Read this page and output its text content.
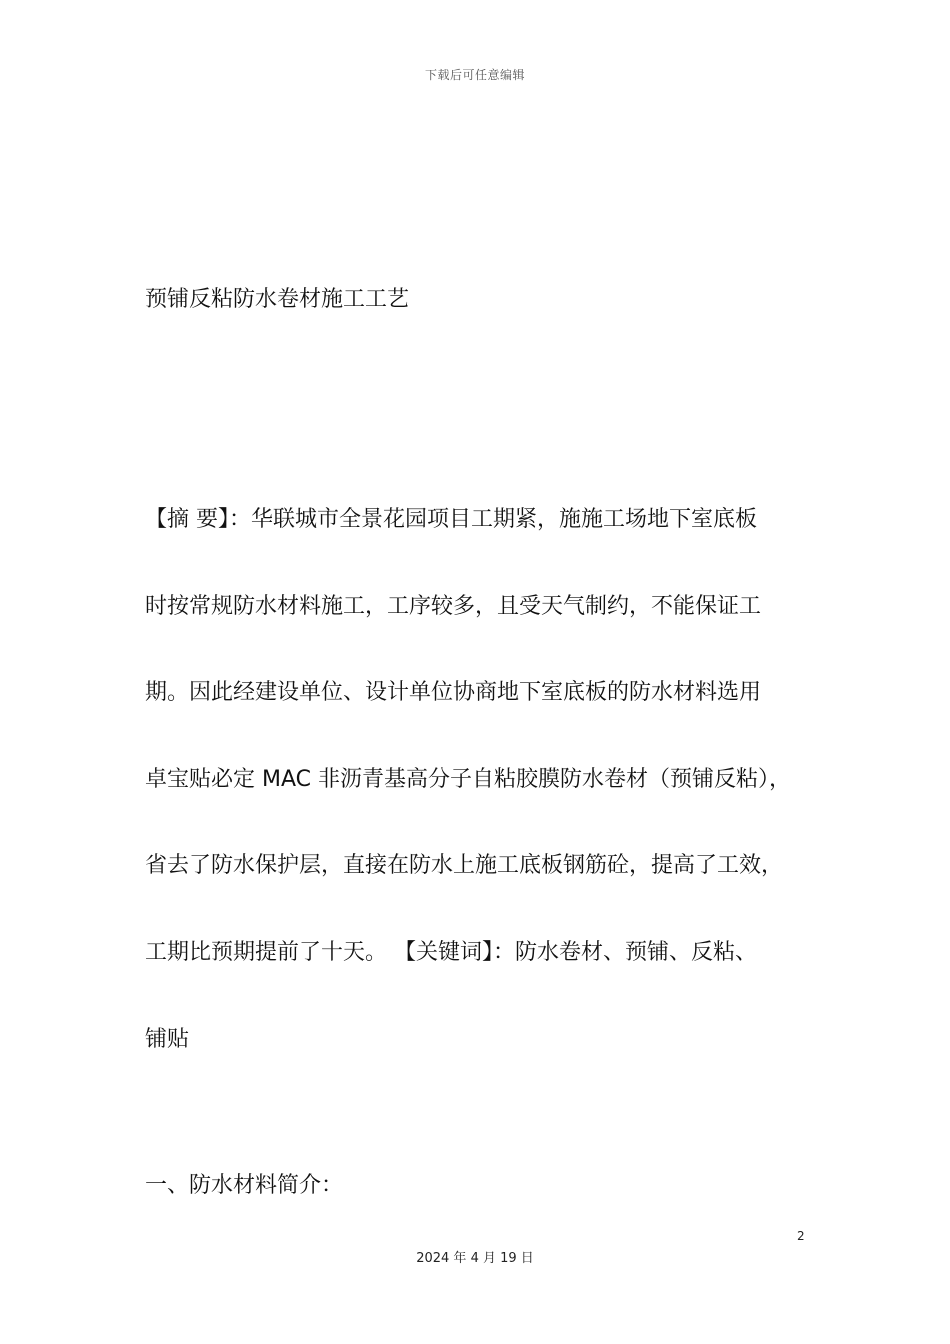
下载后可任意编辑
预铺反粘防水卷材施工工艺
【摘 要】：华联城市全景花园项目工期紧，施施工场地下室底板
时按常规防水材料施工，工序较多，且受天气制约，不能保证工
期。因此经建设单位、设计单位协商地下室底板的防水材料选用
卓宝贴必定 MAC 非沥青基高分子自粘胶膜防水卷材（预铺反粘），
省去了防水保护层，直接在防水上施工底板钢筋砼，提高了工效，
工期比预期提前了十天。 【关键词】：防水卷材、预铺、反粘、
铺贴
一、防水材料简介：
2
2024 年 4 月 19 日
